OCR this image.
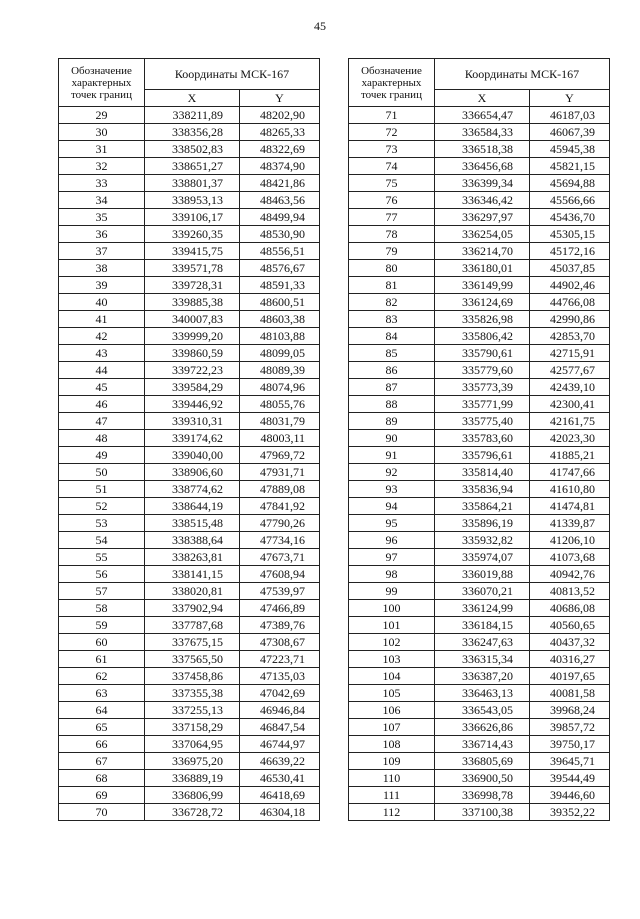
45
Обозначение характерных точек границ	Координаты МСК-167	
	X	Y
29	338211,89	48202,90
30	338356,28	48265,33
31	338502,83	48322,69
32	338651,27	48374,90
33	338801,37	48421,86
34	338953,13	48463,56
35	339106,17	48499,94
36	339260,35	48530,90
37	339415,75	48556,51
38	339571,78	48576,67
39	339728,31	48591,33
40	339885,38	48600,51
41	340007,83	48603,38
42	339999,20	48103,88
43	339860,59	48099,05
44	339722,23	48089,39
45	339584,29	48074,96
46	339446,92	48055,76
47	339310,31	48031,79
48	339174,62	48003,11
49	339040,00	47969,72
50	338906,60	47931,71
51	338774,62	47889,08
52	338644,19	47841,92
53	338515,48	47790,26
54	338388,64	47734,16
55	338263,81	47673,71
56	338141,15	47608,94
57	338020,81	47539,97
58	337902,94	47466,89
59	337787,68	47389,76
60	337675,15	47308,67
61	337565,50	47223,71
62	337458,86	47135,03
63	337355,38	47042,69
64	337255,13	46946,84
65	337158,29	46847,54
66	337064,95	46744,97
67	336975,20	46639,22
68	336889,19	46530,41
69	336806,99	46418,69
70	336728,72	46304,18
Обозначение характерных точек границ	Координаты МСК-167	
	X	Y
71	336654,47	46187,03
72	336584,33	46067,39
73	336518,38	45945,38
74	336456,68	45821,15
75	336399,34	45694,88
76	336346,42	45566,66
77	336297,97	45436,70
78	336254,05	45305,15
79	336214,70	45172,16
80	336180,01	45037,85
81	336149,99	44902,46
82	336124,69	44766,08
83	335826,98	42990,86
84	335806,42	42853,70
85	335790,61	42715,91
86	335779,60	42577,67
87	335773,39	42439,10
88	335771,99	42300,41
89	335775,40	42161,75
90	335783,60	42023,30
91	335796,61	41885,21
92	335814,40	41747,66
93	335836,94	41610,80
94	335864,21	41474,81
95	335896,19	41339,87
96	335932,82	41206,10
97	335974,07	41073,68
98	336019,88	40942,76
99	336070,21	40813,52
100	336124,99	40686,08
101	336184,15	40560,65
102	336247,63	40437,32
103	336315,34	40316,27
104	336387,20	40197,65
105	336463,13	40081,58
106	336543,05	39968,24
107	336626,86	39857,72
108	336714,43	39750,17
109	336805,69	39645,71
110	336900,50	39544,49
111	336998,78	39446,60
112	337100,38	39352,22
